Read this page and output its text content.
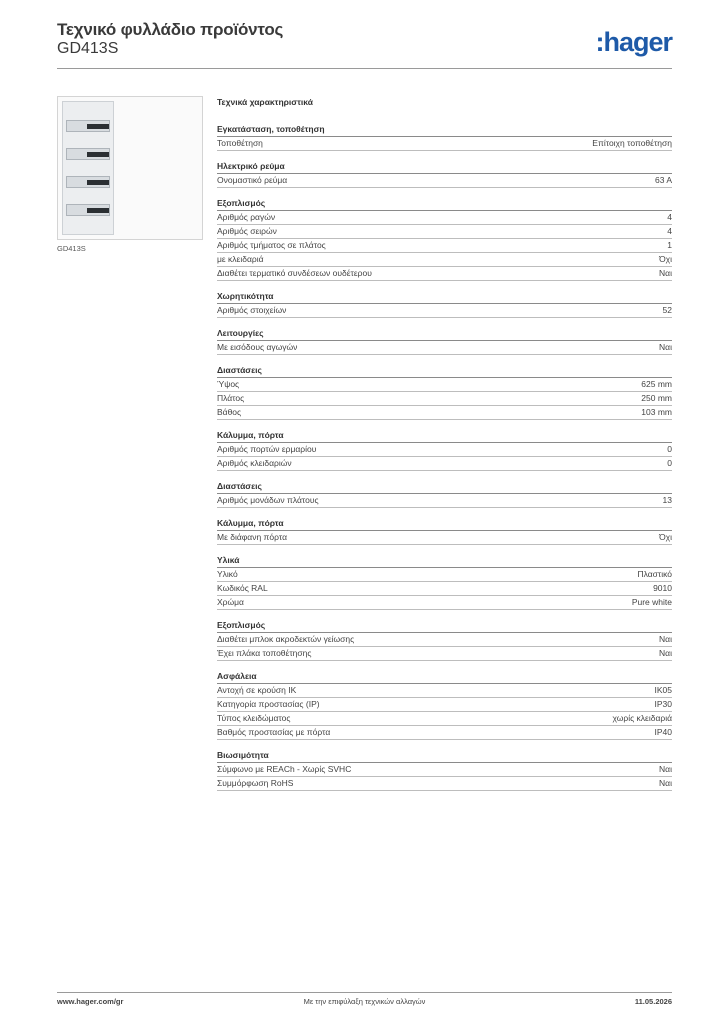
Τεχνικό φυλλάδιο προϊόντος
GD413S	:hager
GD413S
Τεχνικά χαρακτηριστικά
Εγκατάσταση, τοποθέτηση
Τοποθέτηση	Επίτοιχη τοποθέτηση
Ηλεκτρικό ρεύμα
Ονομαστικό ρεύμα	63 A
Εξοπλισμός
Αριθμός ραγών	4
Αριθμός σειρών	4
Αριθμός τμήματος σε πλάτος	1
με κλειδαριά	Όχι
Διαθέτει τερματικό συνδέσεων ουδέτερου	Ναι
Χωρητικότητα
Αριθμός στοιχείων	52
Λειτουργίες
Με εισόδους αγωγών	Ναι
Διαστάσεις
Ύψος	625 mm
Πλάτος	250 mm
Βάθος	103 mm
Κάλυμμα, πόρτα
Αριθμός πορτών ερμαρίου	0
Αριθμός κλειδαριών	0
Διαστάσεις
Αριθμός μονάδων πλάτους	13
Κάλυμμα, πόρτα
Με διάφανη πόρτα	Όχι
Υλικά
Υλικό	Πλαστικό
Κωδικός RAL	9010
Χρώμα	Pure white
Εξοπλισμός
Διαθέτει μπλοκ ακροδεκτών γείωσης	Ναι
Έχει πλάκα τοποθέτησης	Ναι
Ασφάλεια
Αντοχή σε κρούση IK	IK05
Κατηγορία προστασίας (IP)	IP30
Τύπος κλειδώματος	χωρίς κλειδαριά
Βαθμός προστασίας με πόρτα	IP40
Βιωσιμότητα
Σύμφωνο με REACh - Χωρίς SVHC	Ναι
Συμμόρφωση RoHS	Ναι
www.hager.com/gr	Με την επιφύλαξη τεχνικών αλλαγών	11.05.2026
